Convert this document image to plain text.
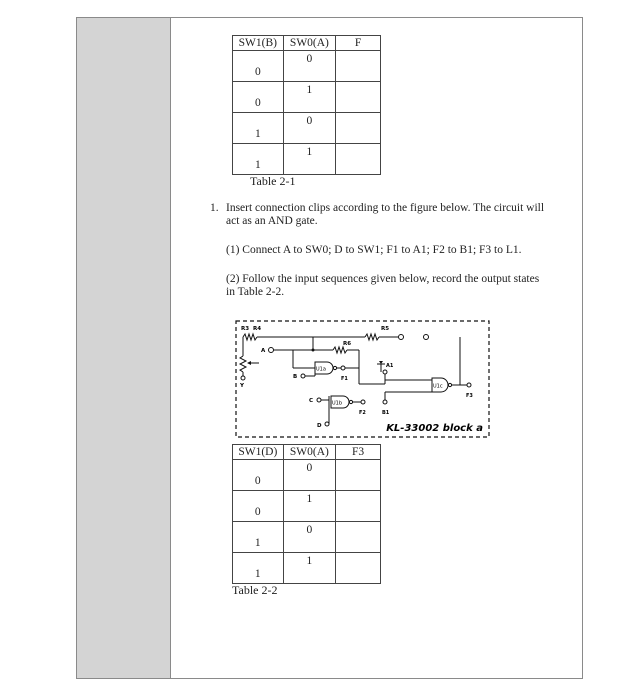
SW1(B)	SW0(A)	F
0	0	
0	1	
1	0	
1	1	
Table 2-1
1. Insert connection clips according to the figure below. The circuit will
act as an AND gate.
(1) Connect A to SW0; D to SW1; F1 to A1; F2 to B1; F3 to L1.
(2) Follow the input sequences given below, record the output states
in Table 2-2.
R3 R4	R5
R6
Y
A
U1a
F1
B
A1
U1c
F3
C
D
U1b
F2	B1
KL-33002 block a
SW1(D)	SW0(A)	F3
0	0	
0	1	
1	0	
1	1	
Table 2-2
